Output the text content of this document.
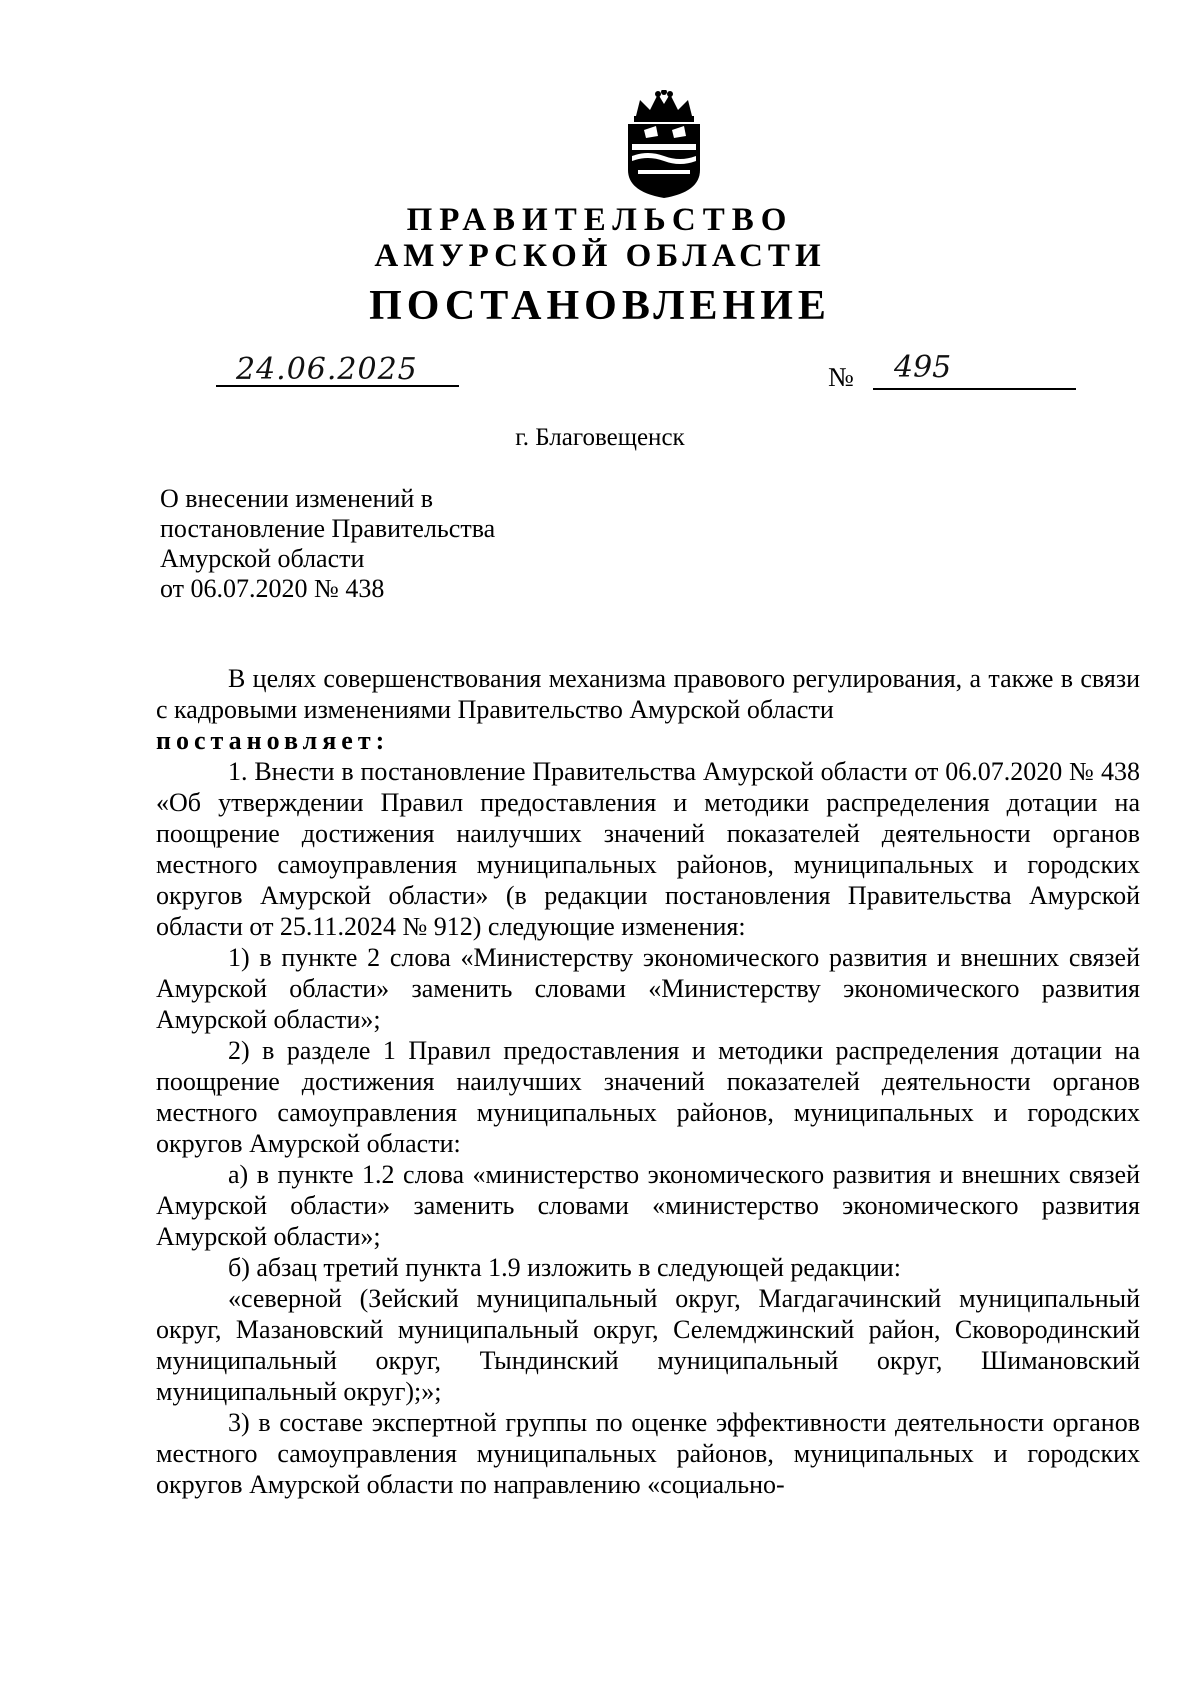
ПРАВИТЕЛЬСТВО
АМУРСКОЙ ОБЛАСТИ
ПОСТАНОВЛЕНИЕ
24.06.2025	№ 495
г. Благовещенск
О внесении изменений в
постановление Правительства
Амурской области
от 06.07.2020 № 438

В целях совершенствования механизма правового регулирования, а также в связи с кадровыми изменениями Правительство Амурской области

постановляет:

1. Внести в постановление Правительства Амурской области от 06.07.2020 № 438 «Об утверждении Правил предоставления и методики распределения дотации на поощрение достижения наилучших значений показателей деятельности органов местного самоуправления муниципальных районов, муниципальных и городских округов Амурской области» (в редакции постановления Правительства Амурской области от 25.11.2024 № 912) следующие изменения:

1) в пункте 2 слова «Министерству экономического развития и внешних связей Амурской области» заменить словами «Министерству экономического развития Амурской области»;

2) в разделе 1 Правил предоставления и методики распределения дотации на поощрение достижения наилучших значений показателей деятельности органов местного самоуправления муниципальных районов, муниципальных и городских округов Амурской области:

а) в пункте 1.2 слова «министерство экономического развития и внешних связей Амурской области» заменить словами «министерство экономического развития Амурской области»;

б) абзац третий пункта 1.9 изложить в следующей редакции:

«северной (Зейский муниципальный округ, Магдагачинский муниципальный округ, Мазановский муниципальный округ, Селемджинский район, Сковородинский муниципальный округ, Тындинский муниципальный округ, Шимановский муниципальный округ);»;

3) в составе экспертной группы по оценке эффективности деятельности органов местного самоуправления муниципальных районов, муниципальных и городских округов Амурской области по направлению «социально-
